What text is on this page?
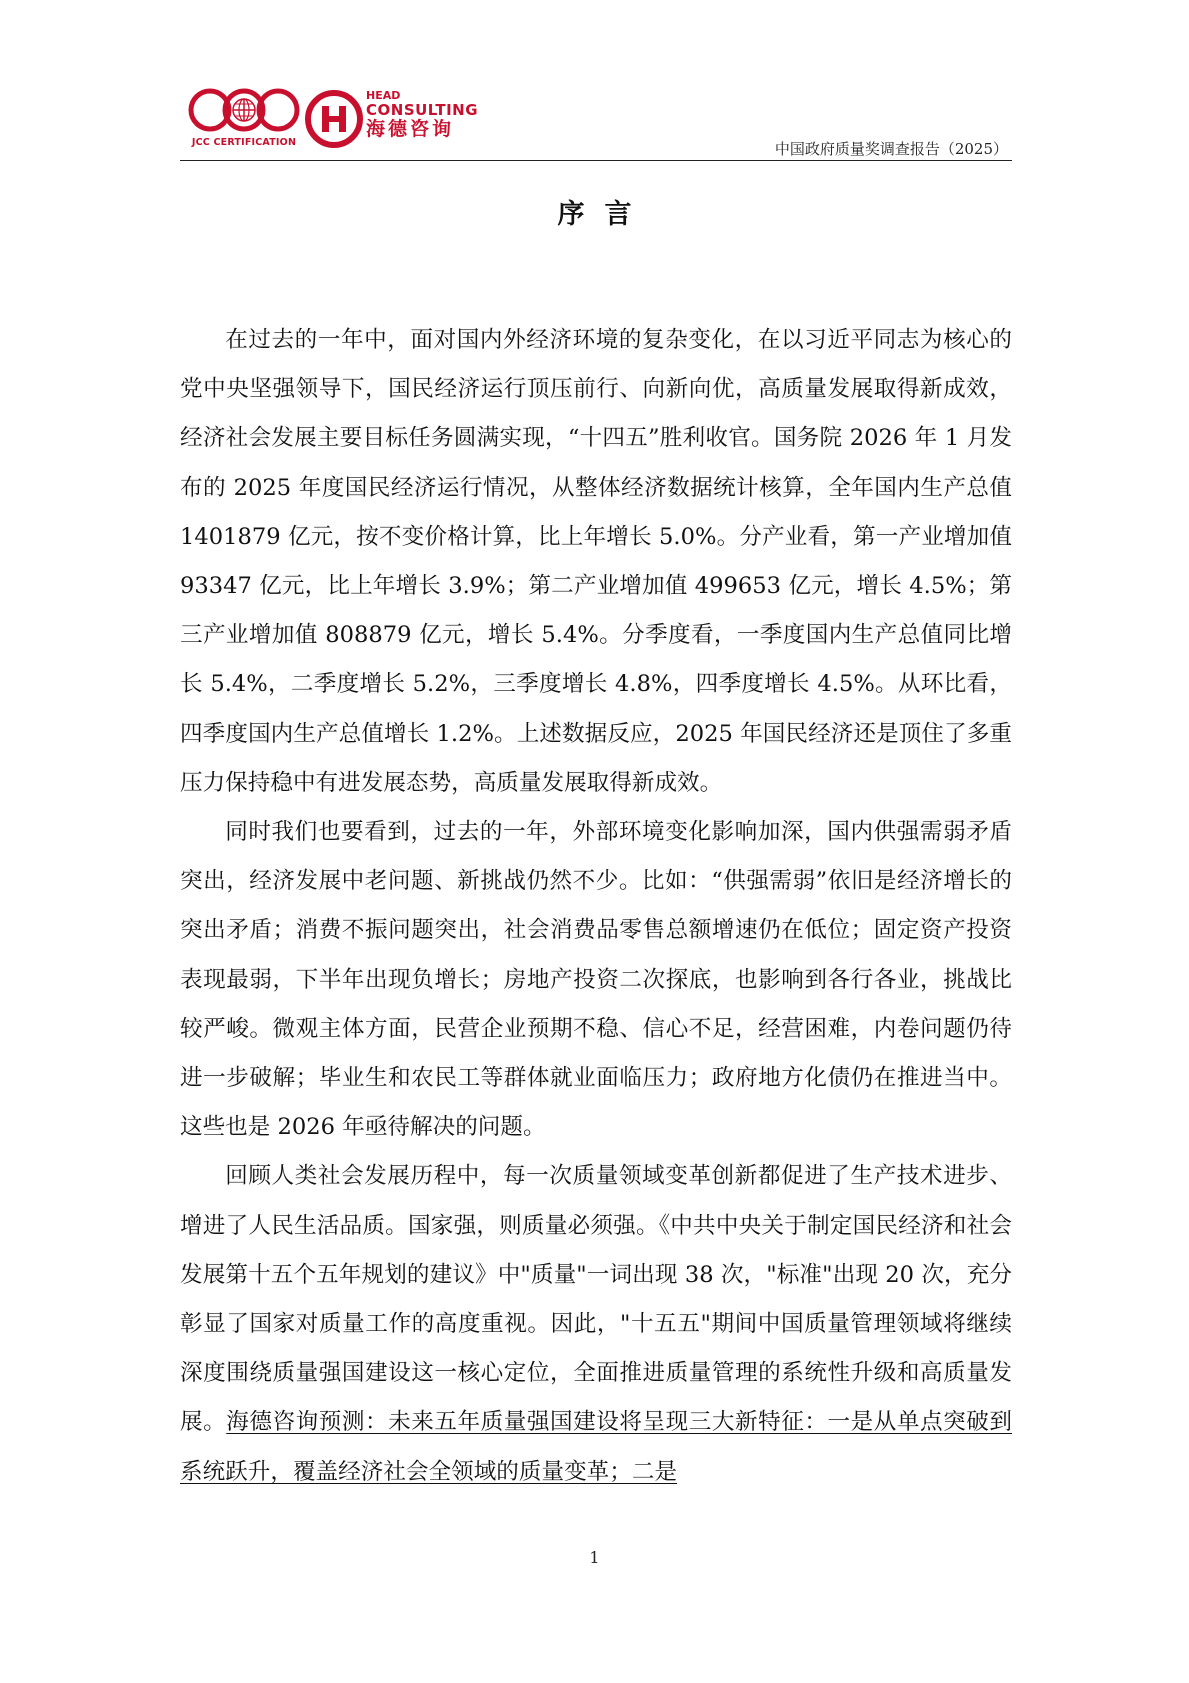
JCC CERTIFICATION
HEAD
CONSULTING
海德咨询
中国政府质量奖调查报告（2025）
序言

在过去的一年中，面对国内外经济环境的复杂变化，在以习近平同志为核心的党中央坚强领导下，国民经济运行顶压前行、向新向优，高质量发展取得新成效，经济社会发展主要目标任务圆满实现，“十四五”胜利收官。国务院 2026 年 1 月发布的 2025 年度国民经济运行情况，从整体经济数据统计核算，全年国内生产总值 1401879 亿元，按不变价格计算，比上年增长 5.0%。分产业看，第一产业增加值 93347 亿元，比上年增长 3.9%；第二产业增加值 499653 亿元，增长 4.5%；第三产业增加值 808879 亿元，增长 5.4%。分季度看，一季度国内生产总值同比增长 5.4%，二季度增长 5.2%，三季度增长 4.8%，四季度增长 4.5%。从环比看，四季度国内生产总值增长 1.2%。上述数据反应，2025 年国民经济还是顶住了多重压力保持稳中有进发展态势，高质量发展取得新成效。

同时我们也要看到，过去的一年，外部环境变化影响加深，国内供强需弱矛盾突出，经济发展中老问题、新挑战仍然不少。比如：“供强需弱”依旧是经济增长的突出矛盾；消费不振问题突出，社会消费品零售总额增速仍在低位；固定资产投资表现最弱，下半年出现负增长；房地产投资二次探底，也影响到各行各业，挑战比较严峻。微观主体方面，民营企业预期不稳、信心不足，经营困难，内卷问题仍待进一步破解；毕业生和农民工等群体就业面临压力；政府地方化债仍在推进当中。这些也是 2026 年亟待解决的问题。

回顾人类社会发展历程中，每一次质量领域变革创新都促进了生产技术进步、增进了人民生活品质。国家强，则质量必须强。《中共中央关于制定国民经济和社会发展第十五个五年规划的建议》中"质量"一词出现 38 次，"标准"出现 20 次，充分彰显了国家对质量工作的高度重视。因此，"十五五"期间中国质量管理领域将继续深度围绕质量强国建设这一核心定位，全面推进质量管理的系统性升级和高质量发展。海德咨询预测：未来五年质量强国建设将呈现三大新特征：一是从单点突破到系统跃升，覆盖经济社会全领域的质量变革；二是

1
